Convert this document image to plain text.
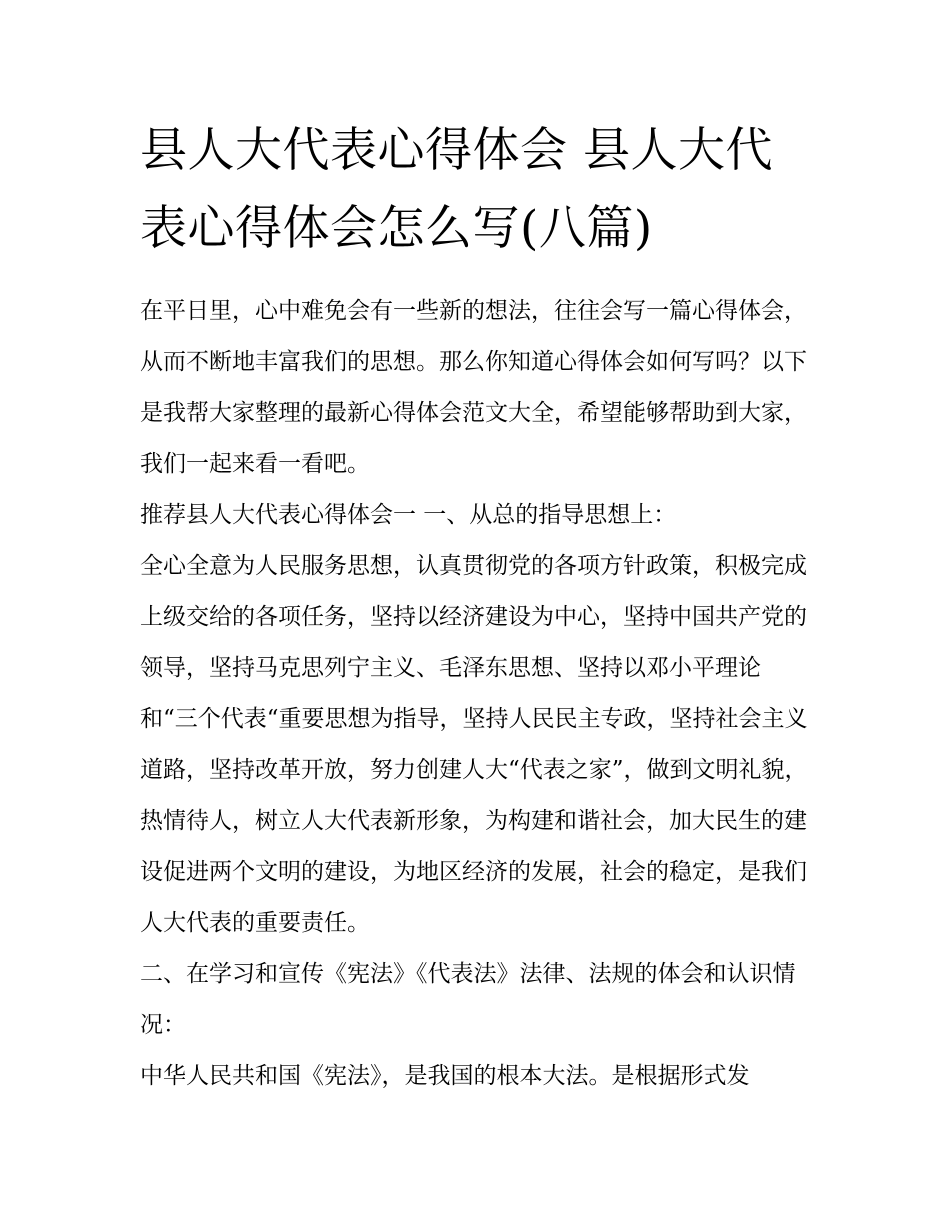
县人大代表心得体会 县人大代表心得体会怎么写(八篇)

在平日里，心中难免会有一些新的想法，往往会写一篇心得体会，从而不断地丰富我们的思想。那么你知道心得体会如何写吗？以下是我帮大家整理的最新心得体会范文大全，希望能够帮助到大家，我们一起来看一看吧。

推荐县人大代表心得体会一 一、从总的指导思想上：

全心全意为人民服务思想，认真贯彻党的各项方针政策，积极完成上级交给的各项任务，坚持以经济建设为中心，坚持中国共产党的领导，坚持马克思列宁主义、毛泽东思想、坚持以邓小平理论和“三个代表“重要思想为指导，坚持人民民主专政，坚持社会主义道路，坚持改革开放，努力创建人大“代表之家”，做到文明礼貌，热情待人，树立人大代表新形象，为构建和谐社会，加大民生的建设促进两个文明的建设，为地区经济的发展，社会的稳定，是我们人大代表的重要责任。

二、在学习和宣传《宪法》《代表法》法律、法规的体会和认识情况：

中华人民共和国《宪法》，是我国的根本大法。是根据形式发
